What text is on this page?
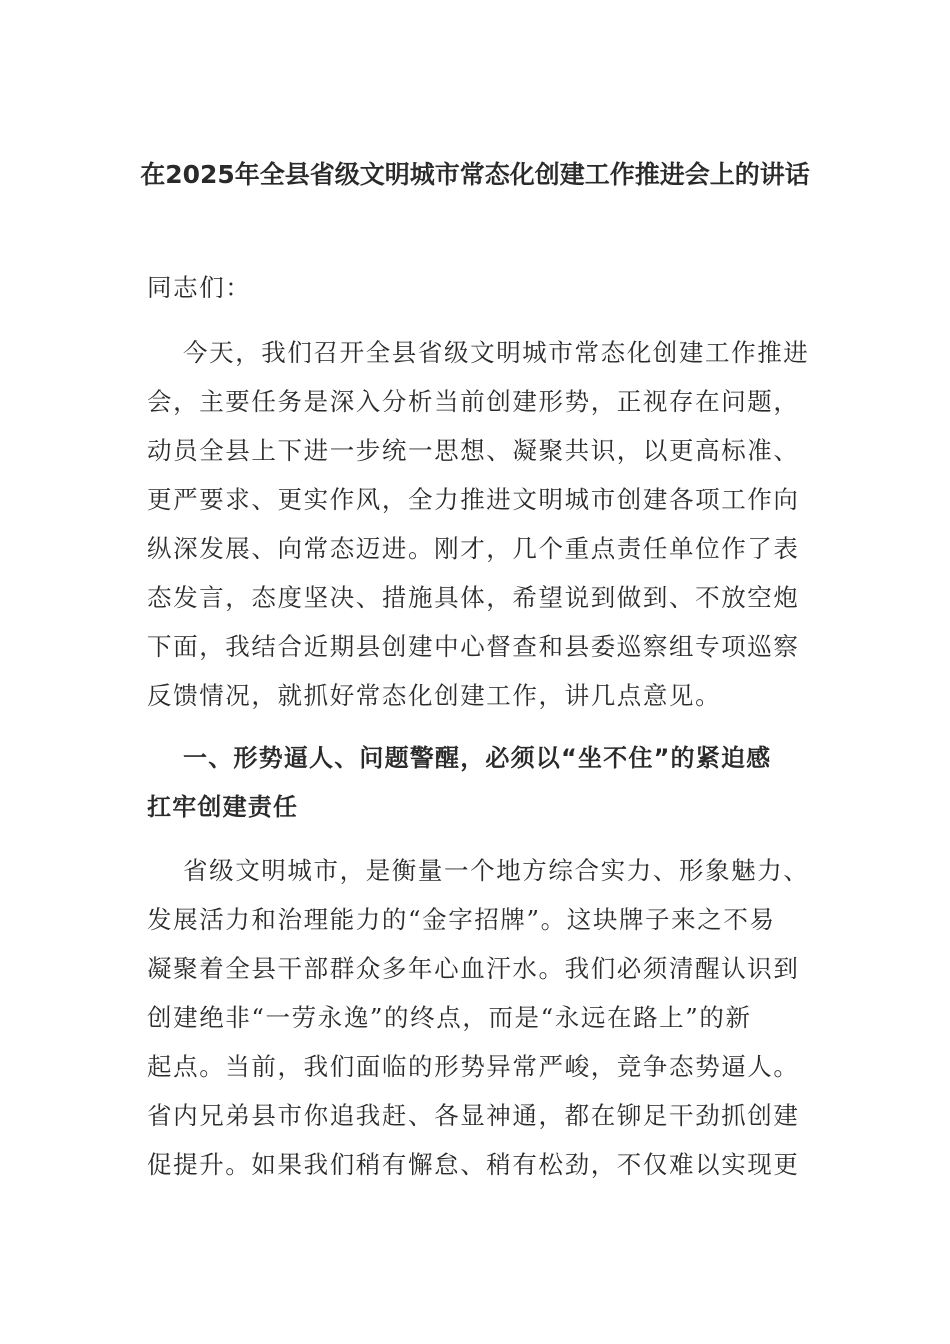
在2025年全县省级文明城市常态化创建工作推进会上的讲话

同志们：

今天，我们召开全县省级文明城市常态化创建工作推进

会，主要任务是深入分析当前创建形势，正视存在问题，

动员全县上下进一步统一思想、凝聚共识，以更高标准、

更严要求、更实作风，全力推进文明城市创建各项工作向

纵深发展、向常态迈进。刚才，几个重点责任单位作了表

态发言，态度坚决、措施具体，希望说到做到、不放空炮

下面，我结合近期县创建中心督查和县委巡察组专项巡察

反馈情况，就抓好常态化创建工作，讲几点意见。

一、形势逼人、问题警醒，必须以“坐不住”的紧迫感

扛牢创建责任

省级文明城市，是衡量一个地方综合实力、形象魅力、

发展活力和治理能力的“金字招牌”。这块牌子来之不易

凝聚着全县干部群众多年心血汗水。我们必须清醒认识到

创建绝非“一劳永逸”的终点，而是“永远在路上”的新

起点。当前，我们面临的形势异常严峻，竞争态势逼人。

省内兄弟县市你追我赶、各显神通，都在铆足干劲抓创建

促提升。如果我们稍有懈怠、稍有松劲，不仅难以实现更
